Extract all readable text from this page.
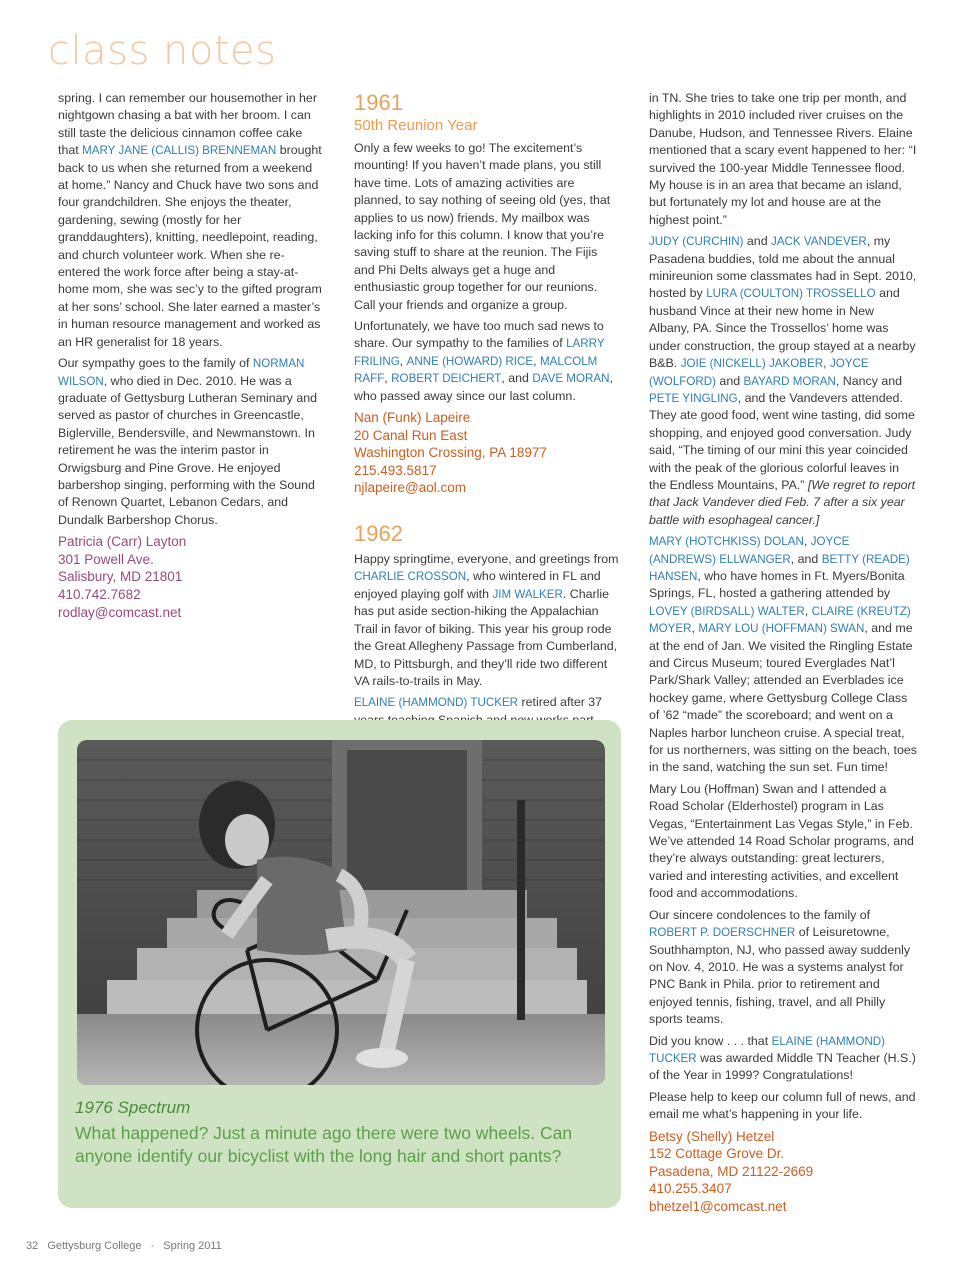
class notes

spring. I can remember our housemother in her nightgown chasing a bat with her broom. I can still taste the delicious cinnamon coffee cake that MARY JANE (CALLIS) BRENNEMAN brought back to us when she returned from a weekend at home.” Nancy and Chuck have two sons and four grandchildren. She enjoys the theater, gardening, sewing (mostly for her granddaughters), knitting, needlepoint, reading, and church volunteer work. When she re-entered the work force after being a stay-at-home mom, she was sec’y to the gifted program at her sons’ school. She later earned a master’s in human resource management and worked as an HR generalist for 18 years.

Our sympathy goes to the family of NORMAN WILSON, who died in Dec. 2010. He was a graduate of Gettysburg Lutheran Seminary and served as pastor of churches in Greencastle, Biglerville, Bendersville, and Newmanstown. In retirement he was the interim pastor in Orwigsburg and Pine Grove. He enjoyed barbershop singing, performing with the Sound of Renown Quartet, Lebanon Cedars, and Dundalk Barbershop Chorus.

Patricia (Carr) Layton
301 Powell Ave.
Salisbury, MD 21801
410.742.7682
rodlay@comcast.net
1961
50th Reunion Year

Only a few weeks to go! The excitement’s mounting! If you haven’t made plans, you still have time. Lots of amazing activities are planned, to say nothing of seeing old (yes, that applies to us now) friends. My mailbox was lacking info for this column. I know that you’re saving stuff to share at the reunion. The Fijis and Phi Delts always get a huge and enthusiastic group together for our reunions. Call your friends and organize a group.

Unfortunately, we have too much sad news to share. Our sympathy to the families of LARRY FRILING, ANNE (HOWARD) RICE, MALCOLM RAFF, ROBERT DEICHERT, and DAVE MORAN, who passed away since our last column.

Nan (Funk) Lapeire
20 Canal Run East
Washington Crossing, PA 18977
215.493.5817
njlapeire@aol.com
1962

Happy springtime, everyone, and greetings from CHARLIE CROSSON, who wintered in FL and enjoyed playing golf with JIM WALKER. Charlie has put aside section-hiking the Appalachian Trail in favor of biking. This year his group rode the Great Allegheny Passage from Cumberland, MD, to Pittsburgh, and they’ll ride two different VA rails-to-trails in May.

ELAINE (HAMMOND) TUCKER retired after 37

in TN. She tries to take one trip per month, and highlights in 2010 included river cruises on the Danube, Hudson, and Tennessee Rivers. Elaine mentioned that a scary event happened to her: “I survived the 100-year Middle Tennessee flood. My house is in an area that became an island, but fortunately my lot and house are at the highest point.”

JUDY (CURCHIN) and JACK VANDEVER, my Pasadena buddies, told me about the annual minireunion some classmates had in Sept. 2010, hosted by LURA (COULTON) TROSSELLO and husband Vince at their new home in New Albany, PA. Since the Trossellos’ home was under construction, the group stayed at a nearby B&B. JOIE (NICKELL) JAKOBER, JOYCE (WOLFORD) and BAYARD MORAN, Nancy and PETE YINGLING, and the Vandevers attended. They ate good food, went wine tasting, did some shopping, and enjoyed good conversation. Judy said, “The timing of our mini this year coincided with the peak of the glorious colorful leaves in the Endless Mountains, PA.” [We regret to report that Jack Vandever died Feb. 7 after a six year battle with esophageal cancer.]

MARY (HOTCHKISS) DOLAN, JOYCE (ANDREWS) ELLWANGER, and BETTY (READE) HANSEN, who have homes in Ft. Myers/Bonita Springs, FL, hosted a gathering attended by LOVEY (BIRDSALL) WALTER, CLAIRE (KREUTZ) MOYER, MARY LOU (HOFFMAN) SWAN, and me at the end of Jan. We visited the Ringling Estate and Circus Museum; toured Everglades Nat’l Park/Shark Valley; attended an Everblades ice hockey game, where Gettysburg College Class of ’62 “made” the scoreboard; and went on a Naples harbor luncheon cruise. A special treat, for us northerners, was sitting on the beach, toes in the sand, watching the sun set. Fun time!

Mary Lou (Hoffman) Swan and I attended a Road Scholar (Elderhostel) program in Las Vegas, “Entertainment Las Vegas Style,” in Feb. We’ve attended 14 Road Scholar programs, and they’re always outstanding: great lecturers, varied and interesting activities, and excellent food and accommodations.

Our sincere condolences to the family of ROBERT P. DOERSCHNER of Leisuretowne, Southhampton, NJ, who passed away suddenly on Nov. 4, 2010. He was a systems analyst for PNC Bank in Phila. prior to retirement and enjoyed tennis, fishing, travel, and all Philly sports teams.

Did you know . . . that ELAINE (HAMMOND) TUCKER was awarded Middle TN Teacher (H.S.) of the Year in 1999? Congratulations!

Please help to keep our column full of news, and email me what’s happening in your life.

Betsy (Shelly) Hetzel
152 Cottage Grove Dr.
Pasadena, MD 21122-2669
410.255.3407
bhetzel1@comcast.net
1976 Spectrum
What happened? Just a minute ago there were two wheels. Can anyone identify our bicyclist with the long hair and short pants?
32 Gettysburg College · Spring 2011
